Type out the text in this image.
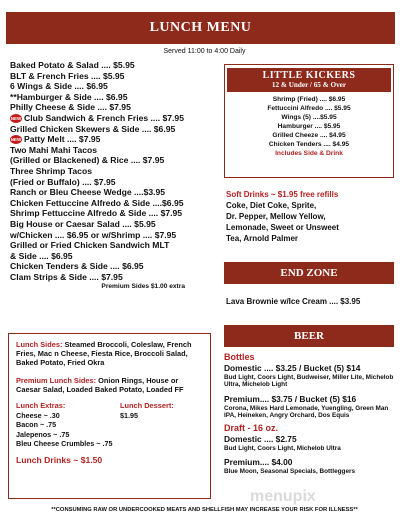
LUNCH MENU
Served 11:00 to 4:00 Daily
Baked Potato & Salad .... $5.95
BLT & French Fries .... $5.95
6 Wings & Side .... $6.95
**Hamburger & Side .... $6.95
Philly Cheese & Side .... $7.95
NEW Club Sandwich & French Fries .... $7.95
Grilled Chicken Skewers & Side .... $6.95
NEW Patty Melt .... $7.95
Two Mahi Mahi Tacos
(Grilled or Blackened) & Rice .... $7.95
Three Shrimp Tacos
(Fried or Buffalo) .... $7.95
Ranch or Bleu Cheese Wedge ....$3.95
Chicken Fettuccine Alfredo & Side ....$6.95
Shrimp Fettuccine Alfredo & Side .... $7.95
Big House or Caesar Salad .... $5.95
w/Chicken .... $6.95 or w/Shrimp .... $7.95
Grilled or Fried Chicken Sandwich MLT
& Side .... $6.95
Chicken Tenders & Side .... $6.95
Clam Strips & Side .... $7.95
Premium Sides $1.00 extra
LITTLE KICKERS
12 & Under / 65 & Over
Shrimp (Fried) .... $6.95
Fettuccini Alfredo .... $5.95
Wings (5) ....$5.95
Hamburger .... $5.95
Grilled Cheeze .... $4.95
Chicken Tenders .... $4.95
Includes Side & Drink
Soft Drinks ~ $1.95 free refills
Coke, Diet Coke, Sprite,
Dr. Pepper, Mellow Yellow,
Lemonade, Sweet or Unsweet
Tea, Arnold Palmer
END ZONE
Lava Brownie w/Ice Cream .... $3.95
BEER
Bottles
Domestic .... $3.25 / Bucket (5) $14
Bud Light, Coors Light, Budweiser, Miller Lite, Michelob Ultra, Michelob Light
Premium.... $3.75 / Bucket (5) $16
Corona, Mikes Hard Lemonade, Yuengling, Green Man IPA, Heineken, Angry Orchard, Dos Equis
Draft - 16 oz.
Domestic .... $2.75
Bud Light, Coors Light, Michelob Ultra
Premium.... $4.00
Blue Moon, Seasonal Specials, Bottleggers
Lunch Sides: Steamed Broccoli, Coleslaw, French Fries, Mac n Cheese, Fiesta Rice, Broccoli Salad, Baked Potato, Fried Okra
Premium Lunch Sides: Onion Rings, House or Caesar Salad, Loaded Baked Potato, Loaded FF
Lunch Extras:
Cheese ~ .30
Bacon ~ .75
Jalepenos ~ .75
Bleu Cheese Crumbles ~ .75
Lunch Dessert:
$1.95
Lunch Drinks ~ $1.50
menupix
**CONSUMING RAW OR UNDERCOOKED MEATS AND SHELLFISH MAY INCREASE YOUR RISK FOR ILLNESS**
